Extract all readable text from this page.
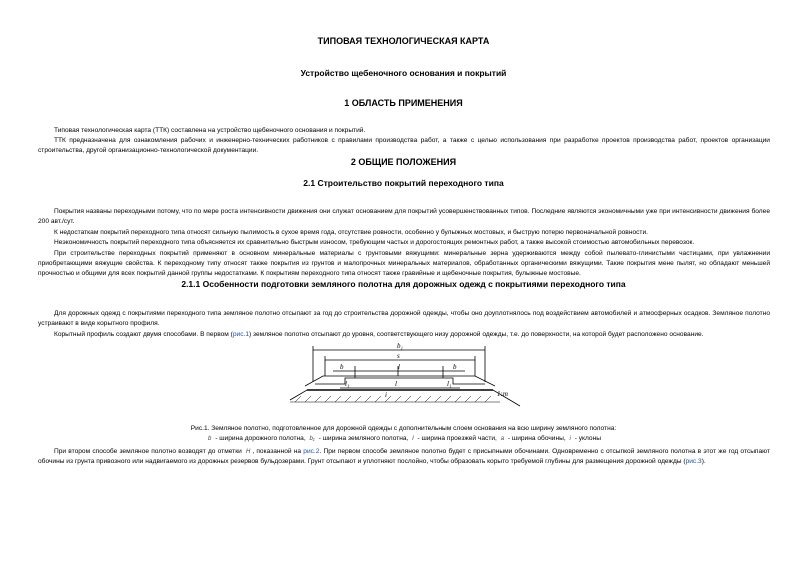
ТИПОВАЯ ТЕХНОЛОГИЧЕСКАЯ КАРТА
Устройство щебеночного основания и покрытий
1 ОБЛАСТЬ ПРИМЕНЕНИЯ
Типовая технологическая карта (ТТК) составлена на устройство щебеночного основания и покрытий.
ТТК предназначена для ознакомления рабочих и инженерно-технических работников с правилами производства работ, а также с целью использования при разработке проектов производства работ, проектов организации строительства, другой организационно-технологической документации.
2 ОБЩИЕ ПОЛОЖЕНИЯ
2.1 Строительство покрытий переходного типа
Покрытия названы переходными потому, что по мере роста интенсивности движения они служат основанием для покрытий усовершенствованных типов. Последние являются экономичными уже при интенсивности движения более 200 авт./сут.
К недостаткам покрытий переходного типа относят сильную пылимость в сухое время года, отсутствие ровности, особенно у булыжных мостовых, и быструю потерю первоначальной ровности.
Неэкономичность покрытий переходного типа объясняется их сравнительно быстрым износом, требующим частых и дорогостоящих ремонтных работ, а также высокой стоимостью автомобильных перевозок.
При строительстве переходных покрытий применяют в основном минеральные материалы с грунтовыми вяжущими: минеральные зерна удерживаются между собой пылевато-глинистыми частицами, при увлажнении приобретающими вяжущие свойства. К переходному типу относят также покрытия из грунтов и малопрочных минеральных материалов, обработанных органическими вяжущими. Такие покрытия мене пылят, но обладают меньшей прочностью и общими для всех покрытий данной группы недостатками. К покрытиям переходного типа относят также гравийные и щебеночные покрытия, булыжные мостовые.
2.1.1 Особенности подготовки земляного полотна для дорожных одежд с покрытиями переходного типа
Для дорожных одежд с покрытиями переходного типа земляное полотно отсыпают за год до строительства дорожной одежды, чтобы оно доуплотнялось под воздействием автомобилей и атмосферных осадков. Земляное полотно устраивают в виде корытного профиля.
Корытный профиль создают двумя способами. В первом (рис.1) земляное полотно отсыпают до уровня, соответствующего низу дорожной одежды, т.е. до поверхности, на которой будет расположено основание.
b₁
s
b	l	b
l₁	l	l₁
i	1:m
Рис.1. Земляное полотно, подготовленное для дорожной одежды с дополнительным слоем основания на всю ширину земляного полотна:
b - ширина дорожного полотна, b₁ - ширина земляного полотна, l - ширина проезжей части, a - ширина обочины, i - уклоны
При втором способе земляное полотно возводят до отметки H , показанной на рис.2. При первом способе земляное полотно будет с присыпными обочинами. Одновременно с отсыпкой земляного полотна в этот же год отсыпают обочины из грунта привозного или надвигаемого из дорожных резервов бульдозерами. Грунт отсыпают и уплотняют послойно, чтобы образовать корыто требуемой глубины для размещения дорожной одежды (рис.3).
